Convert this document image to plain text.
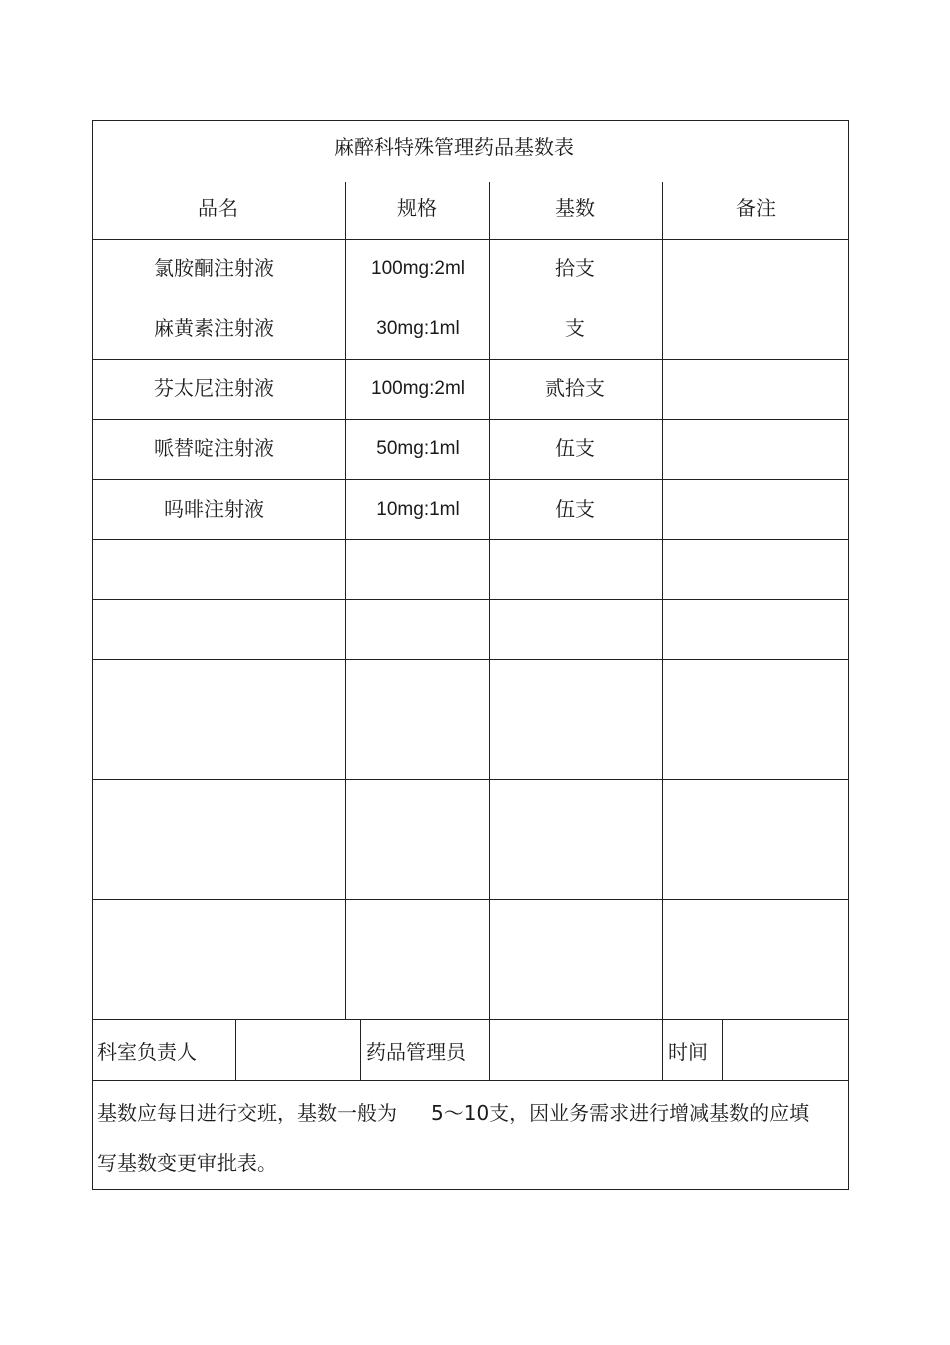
麻醉科特殊管理药品基数表
品名	规格	基数	备注
氯胺酮注射液	100mg:2ml	拾支
麻黄素注射液	30mg:1ml	支
芬太尼注射液	100mg:2ml	贰拾支
哌替啶注射液	50mg:1ml	伍支
吗啡注射液	10mg:1ml	伍支
科室负责人	药品管理员	时间
基数应每日进行交班，基数一般为 5～10支，因业务需求进行增减基数的应填
写基数变更审批表。
